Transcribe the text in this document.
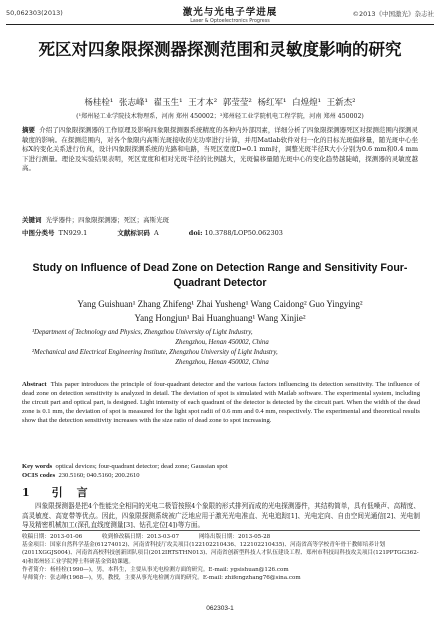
50,062303(2013)	激光与光电子学进展
Laser & Optoelectronics Progress
©2013《中国激光》杂志社
死区对四象限探测器探测范围和灵敏度影响的研究
杨桂栓¹ 张志峰¹ 翟玉生¹ 王才本² 郭莹莹² 杨红军¹ 白煌煌¹ 王新杰²
(¹郑州轻工业学院技术物理系，河南 郑州 450002；²郑州轻工业学院机电工程学院，河南 郑州 450002)
摘要 介绍了四象限探测器的工作原理及影响四象限探测器系统精度的各种内外部因素，详细分析了四象限探测器死区对探测范围内探测灵敏度的影响。在探测范围内，对各个象限内高斯光斑接收的光功率进行计算，并用Matlab软件对归一化的目标光斑偏移量，随光斑中心坐标X的变化关系进行仿真，设计四象限探测系统的光路和电路，当死区宽度D=0.1 mm时，调整光斑半径R大小分别为0.6 mm和0.4 mm下进行测量。理论及实验结果表明，死区宽度和相对光斑半径的比例越大，光斑偏移量随光斑中心的变化趋势越陡峭，探测器的灵敏度越高。
关键词 光学器件；四象限探测器；死区；高斯光斑
中图分类号 TN929.1	文献标识码 A	doi: 10.3788/LOP50.062303
Study on Influence of Dead Zone on Detection Range and Sensitivity Four-Quadrant Detector
Yang Guishuan¹ Zhang Zhifeng¹ Zhai Yusheng¹ Wang Caidong² Guo Yingying²
Yang Hongjun¹ Bai Huanghuang¹ Wang Xinjie²
¹Department of Technology and Physics, Zhengzhou University of Light Industry,
Zhengzhou, Henan 450002, China
²Mechanical and Electrical Engineering Institute, Zhengzhou University of Light Industry,
Zhengzhou, Henan 450002, China
Abstract This paper introduces the principle of four-quadrant detector and the various factors influencing its detection sensitivity. The influence of dead zone on detection sensitivity is analyzed in detail. The deviation of spot is simulated with Matlab software. The experimental system, including the circuit part and optical part, is designed. Light intensity of each quadrant of the detector is detected by the circuit part. When the width of the dead zone is 0.1 mm, the deviation of spot is measured for the light spot radii of 0.6 mm and 0.4 mm, respectively. The experimental and theoretical results show that the detection sensitivity increases with the size ratio of dead zone to spot increasing.
Key words optical devices; four-quadrant detector; dead zone; Gaussian spot
OCIS codes 230.5160; 040.5160; 200.2610
1 引言
四象限探测器是把4个性能完全相同的光电二极管按照4个象限的形式排列而成的光电探测器件，其结构简单，具有低噪声、高精度、高灵敏度、高宽带等优点。因此，四象限探测系统被广泛地应用于激光光电准直、光电追踪[1]、光电定向、自由空间光通信[2]、光电制导及精密机械加工(深孔直线度测量[3]、钻孔定位[4])等方面。
收稿日期：2013-01-06	收到修改稿日期：2013-03-07	网络出版日期：2013-05-28
基金项目：国家自然科学基金(61274012)、河南省科技厅攻关项目(122102210436、122102210435)、河南省高等学校青年骨干教师培养计划(2011XGGJS004)、河南省高校科技创新团队项目(2012IRTSTHN013)、河南省创新型科技人才队伍建设工程、郑州市科技局科技攻关项目(121PPTGG362-4)和郑州轻工业学院博士科研基金资助课题。
作者简介：杨桂栓(1990—)，男，本科生，主要从事光电检测方面的研究。E-mail: ygsishuan@126.com
导师简介：张志峰(1968—)，男，教授，主要从事光电检测方面的研究。E-mail: zhifengzhang76@sina.com
062303-1
